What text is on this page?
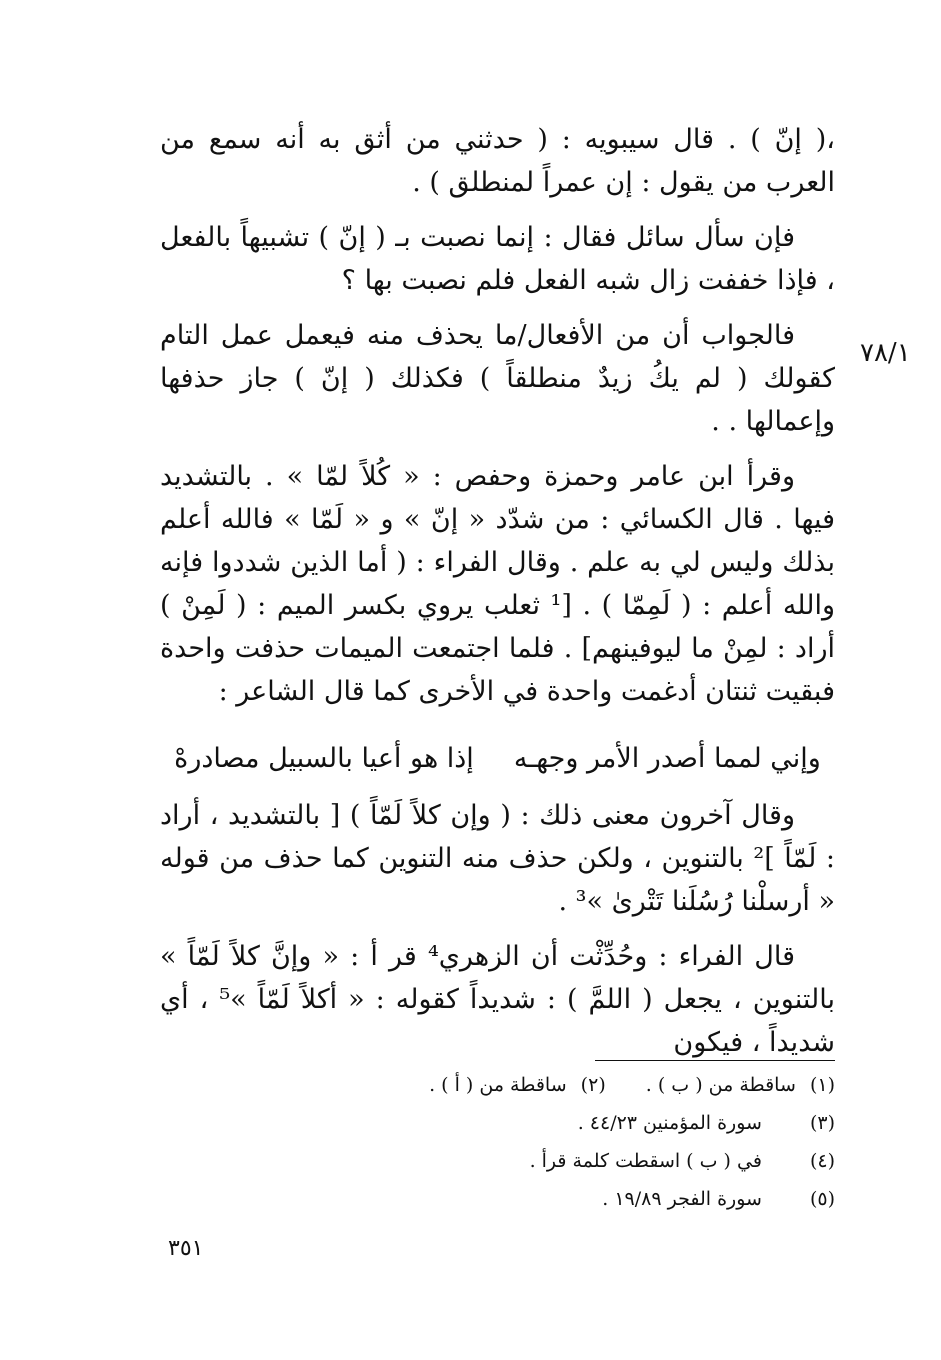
٧٨/١

،( إنّ ) . قال سيبويه : ( حدثني من أثق به أنه سمع من العرب من يقول : إن عمراً لمنطلق ) .

فإن سأل سائل فقال : إنما نصبت بـ ( إنّ ) تشبيهاً بالفعل ، فإذا خففت زال شبه الفعل فلم نصبت بها ؟

فالجواب أن من الأفعال/ما يحذف منه فيعمل عمل التام كقولك ( لم يكُ زيدٌ منطلقاً ) فكذلك ( إنّ ) جاز حذفها وإعمالها . .

وقرأ ابن عامر وحمزة وحفص : « كُلاً لمّا » . بالتشديد فيها . قال الكسائي : من شدّد « إنّ » و « لَمّا » فالله أعلم بذلك وليس لي به علم . وقال الفراء : ( أما الذين شددوا فإنه والله أعلم : ( لَمِمّا ) . [¹ ثعلب يروي بكسر الميم : ( لَمِنْ ) أراد : لمِنْ ما ليوفينهم] . فلما اجتمعت الميمات حذفت واحدة فبقيت ثنتان أدغمت واحدة في الأخرى كما قال الشاعر :

وإني لمما أصدر الأمر وجهـه
إذا هو أعيا بالسبيل مصادرهْ

وقال آخرون معنى ذلك : ( وإن كلاً لَمّاً ) [ بالتشديد ، أراد : لَمّاً ]² بالتنوين ، ولكن حذف منه التنوين كما حذف من قوله « أرسلْنا رُسُلَنا تَتْرىٰ »³ .

قال الفراء : وحُدِّثْت أن الزهري⁴ قر أ : « وإنَّ كلاً لَمّاً » بالتنوين ، يجعل ( اللمَّ ) : شديداً كقوله : « أكلاً لَمّاً »⁵ ، أي شديداً ، فيكون

(١) ساقطة من ( ب ) .
(٢) ساقطة من ( أ ) .
(٣)
سورة المؤمنين ٤٤/٢٣ .
(٤)
في ( ب ) اسقطت كلمة قرأ .
(٥)
سورة الفجر ١٩/٨٩ .
٣٥١
